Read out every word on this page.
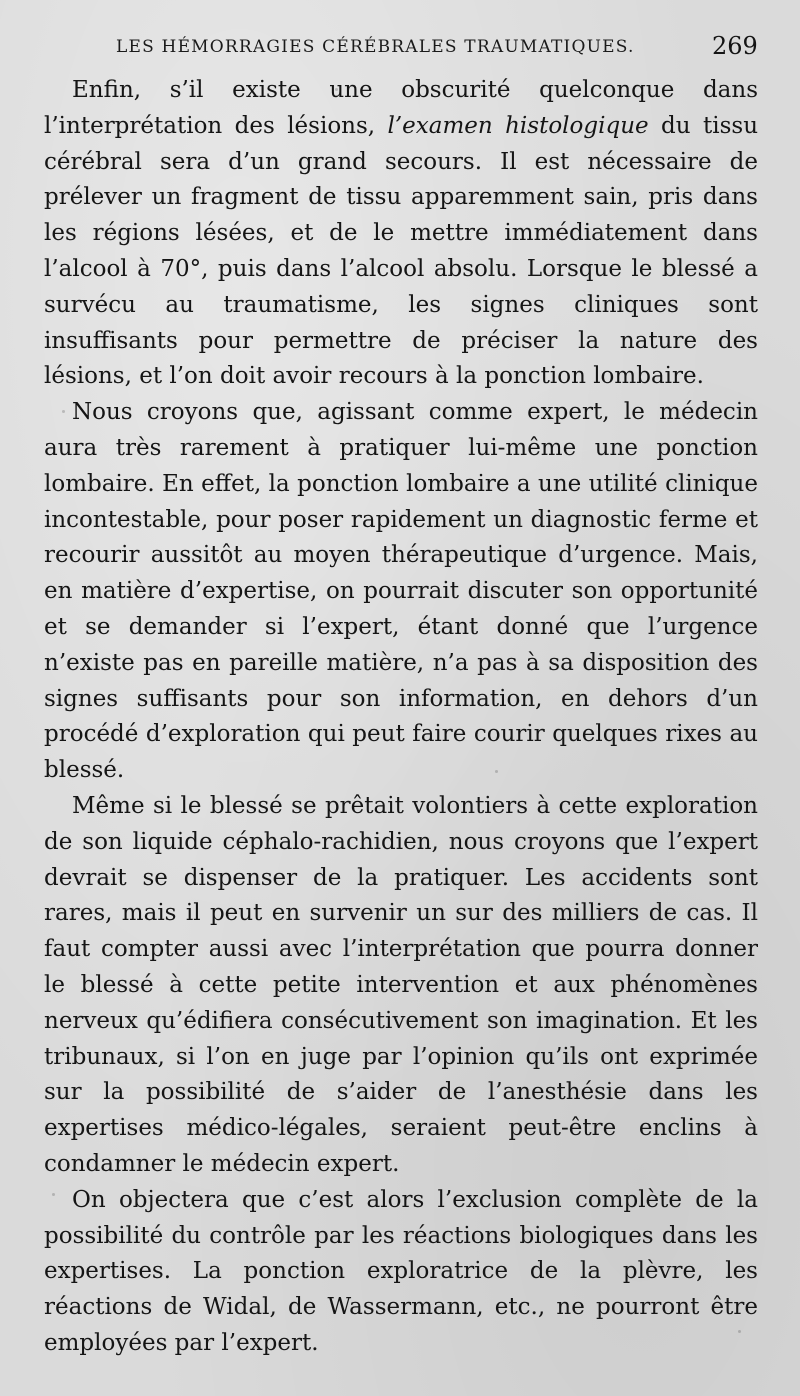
LES HÉMORRAGIES CÉRÉBRALES TRAUMATIQUES.	269

Enfin, s’il existe une obscurité quelconque dans l’interprétation des lésions, l’examen histologique du tissu cérébral sera d’un grand secours. Il est nécessaire de prélever un fragment de tissu apparemment sain, pris dans les régions lésées, et de le mettre immédiatement dans l’alcool à 70°, puis dans l’alcool absolu. Lorsque le blessé a survécu au traumatisme, les signes cliniques sont insuffisants pour permettre de préciser la nature des lésions, et l’on doit avoir recours à la ponction lombaire.

Nous croyons que, agissant comme expert, le médecin aura très rarement à pratiquer lui-même une ponction lombaire. En effet, la ponction lombaire a une utilité clinique incontestable, pour poser rapidement un diagnostic ferme et recourir aussitôt au moyen thérapeutique d’urgence. Mais, en matière d’expertise, on pourrait discuter son opportunité et se demander si l’expert, étant donné que l’urgence n’existe pas en pareille matière, n’a pas à sa disposition des signes suffisants pour son information, en dehors d’un procédé d’exploration qui peut faire courir quelques rixes au blessé.

Même si le blessé se prêtait volontiers à cette exploration de son liquide céphalo-rachidien, nous croyons que l’expert devrait se dispenser de la pratiquer. Les accidents sont rares, mais il peut en survenir un sur des milliers de cas. Il faut compter aussi avec l’interprétation que pourra donner le blessé à cette petite intervention et aux phénomènes nerveux qu’édifiera consécutivement son imagination. Et les tribunaux, si l’on en juge par l’opinion qu’ils ont exprimée sur la possibilité de s’aider de l’anesthésie dans les expertises médico-légales, seraient peut-être enclins à condamner le médecin expert.

On objectera que c’est alors l’exclusion complète de la possibilité du contrôle par les réactions biologiques dans les expertises. La ponction exploratrice de la plèvre, les réactions de Widal, de Wassermann, etc., ne pourront être employées par l’expert.
